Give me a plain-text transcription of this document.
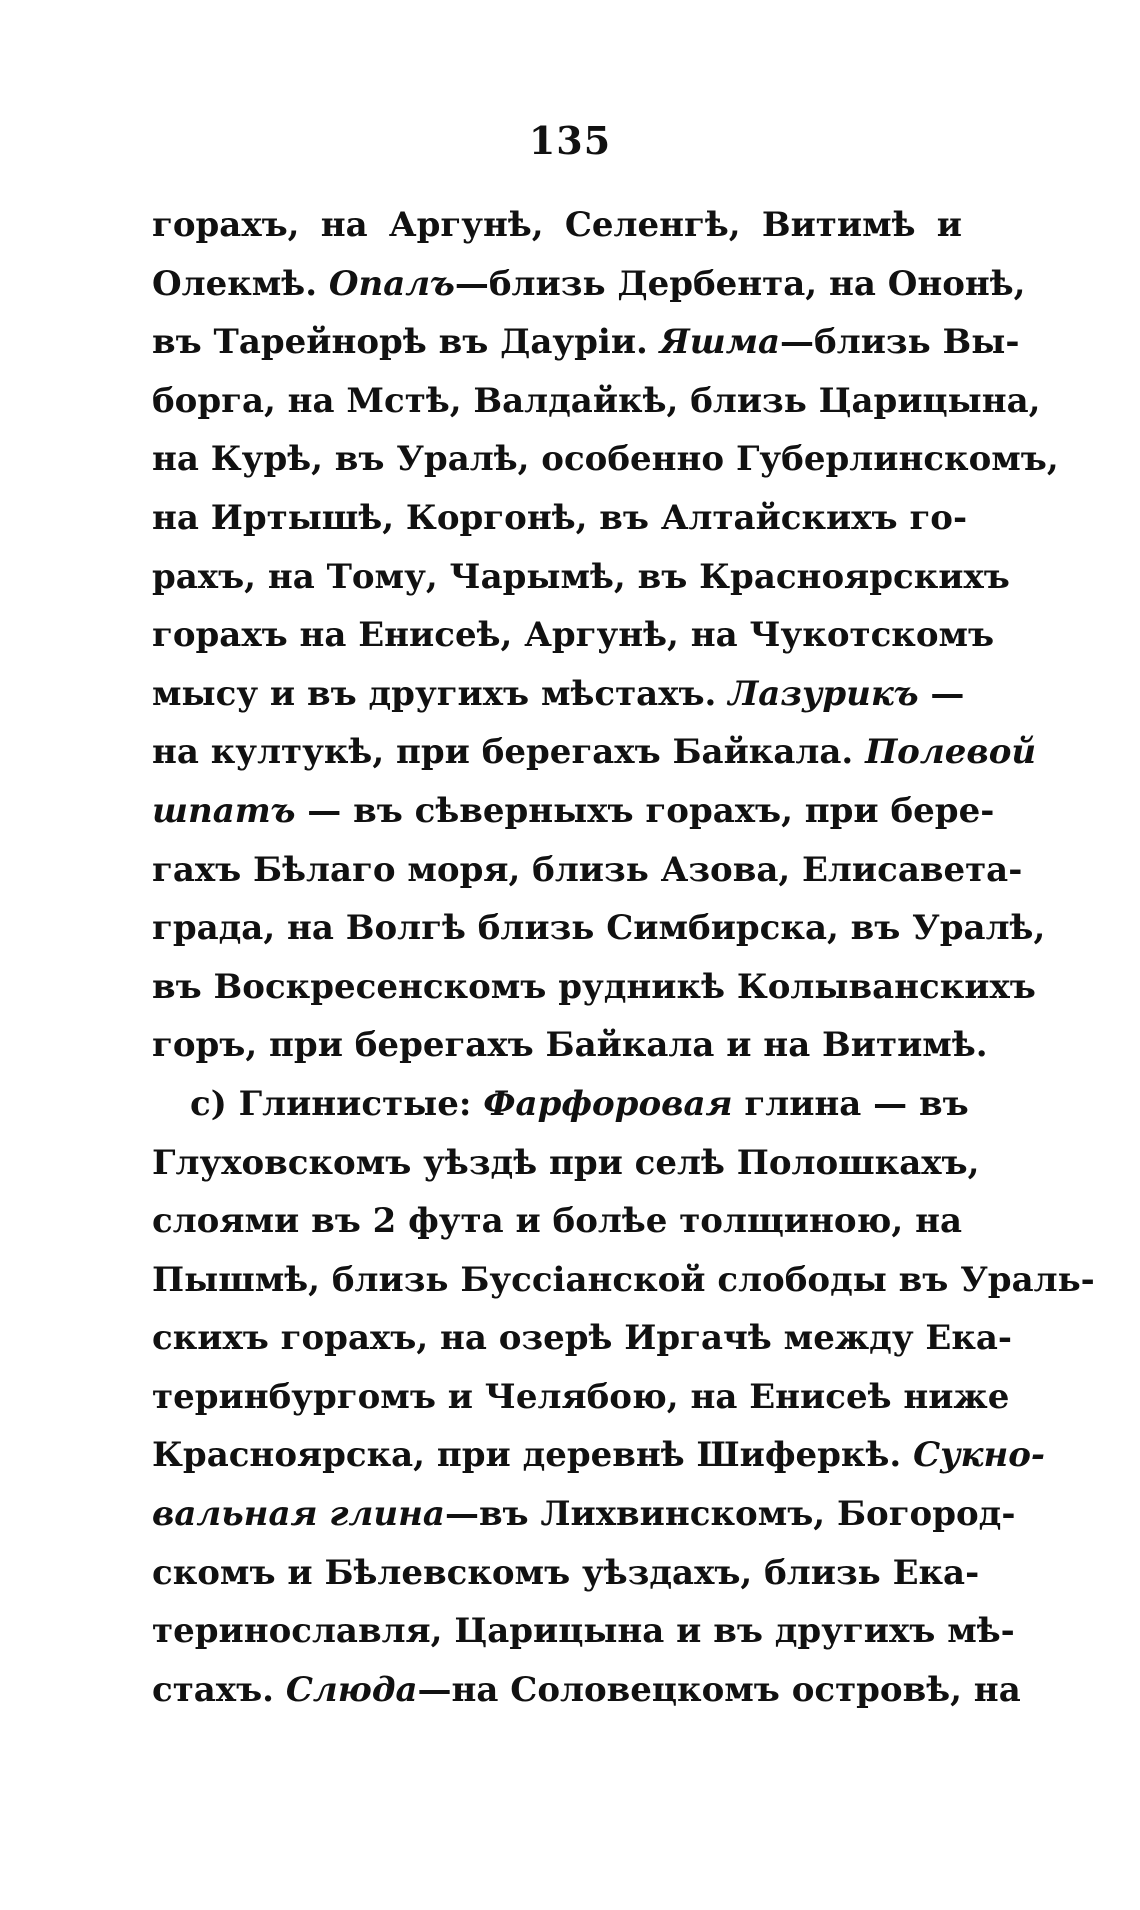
135
горахъ, на Аргунѣ, Селенгѣ, Витимѣ и
Олекмѣ. Опалъ—близь Дербента, на Ононѣ,
въ Тарейнорѣ въ Дауріи. Яшма—близь Вы-
борга, на Мстѣ, Валдайкѣ, близь Царицына,
на Курѣ, въ Уралѣ, особенно Губерлинскомъ,
на Иртышѣ, Коргонѣ, въ Алтайскихъ го-
рахъ, на Тому, Чарымѣ, въ Красноярскихъ
горахъ на Енисеѣ, Аргунѣ, на Чукотскомъ
мысу и въ другихъ мѣстахъ. Лазурикъ —
на култукѣ, при берегахъ Байкала. Полевой
шпатъ — въ сѣверныхъ горахъ, при бере-
гахъ Бѣлаго моря, близь Азова, Елисавета-
града, на Волгѣ близь Симбирска, въ Уралѣ,
въ Воскресенскомъ рудникѣ Колыванскихъ
горъ, при берегахъ Байкала и на Витимѣ.
c) Глинистые: Фарфоровая глина — въ
Глуховскомъ уѣздѣ при селѣ Полошкахъ,
слоями въ 2 фута и болѣе толщиною, на
Пышмѣ, близь Буссіанской слободы въ Ураль-
скихъ горахъ, на озерѣ Иргачѣ между Ека-
теринбургомъ и Челябою, на Енисеѣ ниже
Красноярска, при деревнѣ Шиферкѣ. Сукно-
вальная глина—въ Лихвинскомъ, Богород-
скомъ и Бѣлевскомъ уѣздахъ, близь Ека-
теринославля, Царицына и въ другихъ мѣ-
стахъ. Слюда—на Соловецкомъ островѣ, на
